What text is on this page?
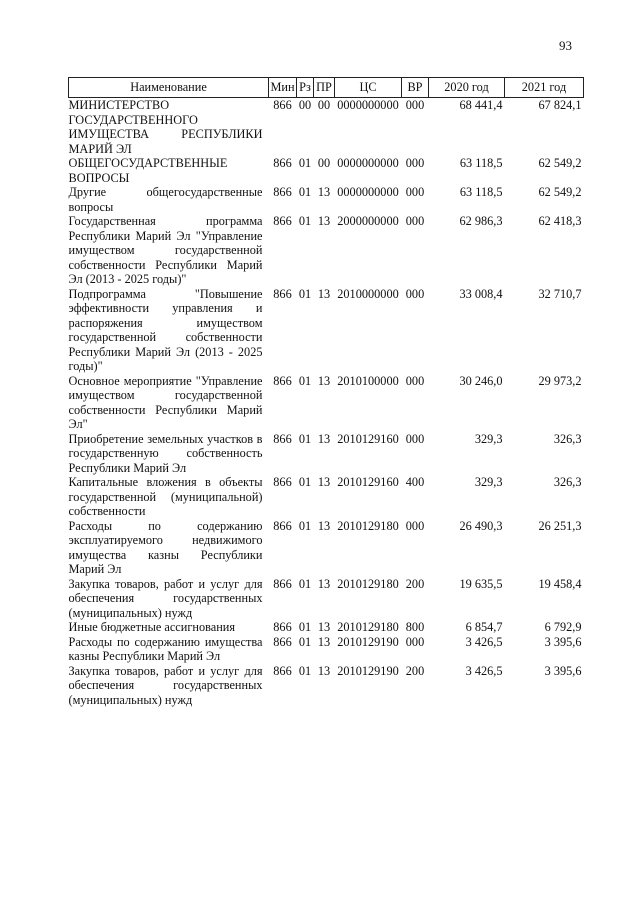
93
Наименование	Мин	Рз	ПР	ЦС	ВР	2020 год	2021 год
МИНИСТЕРСТВО ГОСУДАРСТВЕННОГО ИМУЩЕСТВА РЕСПУБЛИКИ МАРИЙ ЭЛ	866	00	00	0000000000	000	68 441,4	67 824,1
ОБЩЕГОСУДАРСТВЕННЫЕ ВОПРОСЫ	866	01	00	0000000000	000	63 118,5	62 549,2
Другие общегосударственные вопросы	866	01	13	0000000000	000	63 118,5	62 549,2
Государственная программа Республики Марий Эл "Управление имуществом государственной собственности Республики Марий Эл (2013 - 2025 годы)"	866	01	13	2000000000	000	62 986,3	62 418,3
Подпрограмма "Повышение эффективности управления и распоряжения имуществом государственной собственности Республики Марий Эл (2013 - 2025 годы)"	866	01	13	2010000000	000	33 008,4	32 710,7
Основное мероприятие "Управление имуществом государственной собственности Республики Марий Эл"	866	01	13	2010100000	000	30 246,0	29 973,2
Приобретение земельных участков в государственную собственность Республики Марий Эл	866	01	13	2010129160	000	329,3	326,3
Капитальные вложения в объекты государственной (муниципальной) собственности	866	01	13	2010129160	400	329,3	326,3
Расходы по содержанию эксплуатируемого недвижимого имущества казны Республики Марий Эл	866	01	13	2010129180	000	26 490,3	26 251,3
Закупка товаров, работ и услуг для обеспечения государственных (муниципальных) нужд	866	01	13	2010129180	200	19 635,5	19 458,4
Иные бюджетные ассигнования	866	01	13	2010129180	800	6 854,7	6 792,9
Расходы по содержанию имущества казны Республики Марий Эл	866	01	13	2010129190	000	3 426,5	3 395,6
Закупка товаров, работ и услуг для обеспечения государственных (муниципальных) нужд	866	01	13	2010129190	200	3 426,5	3 395,6
